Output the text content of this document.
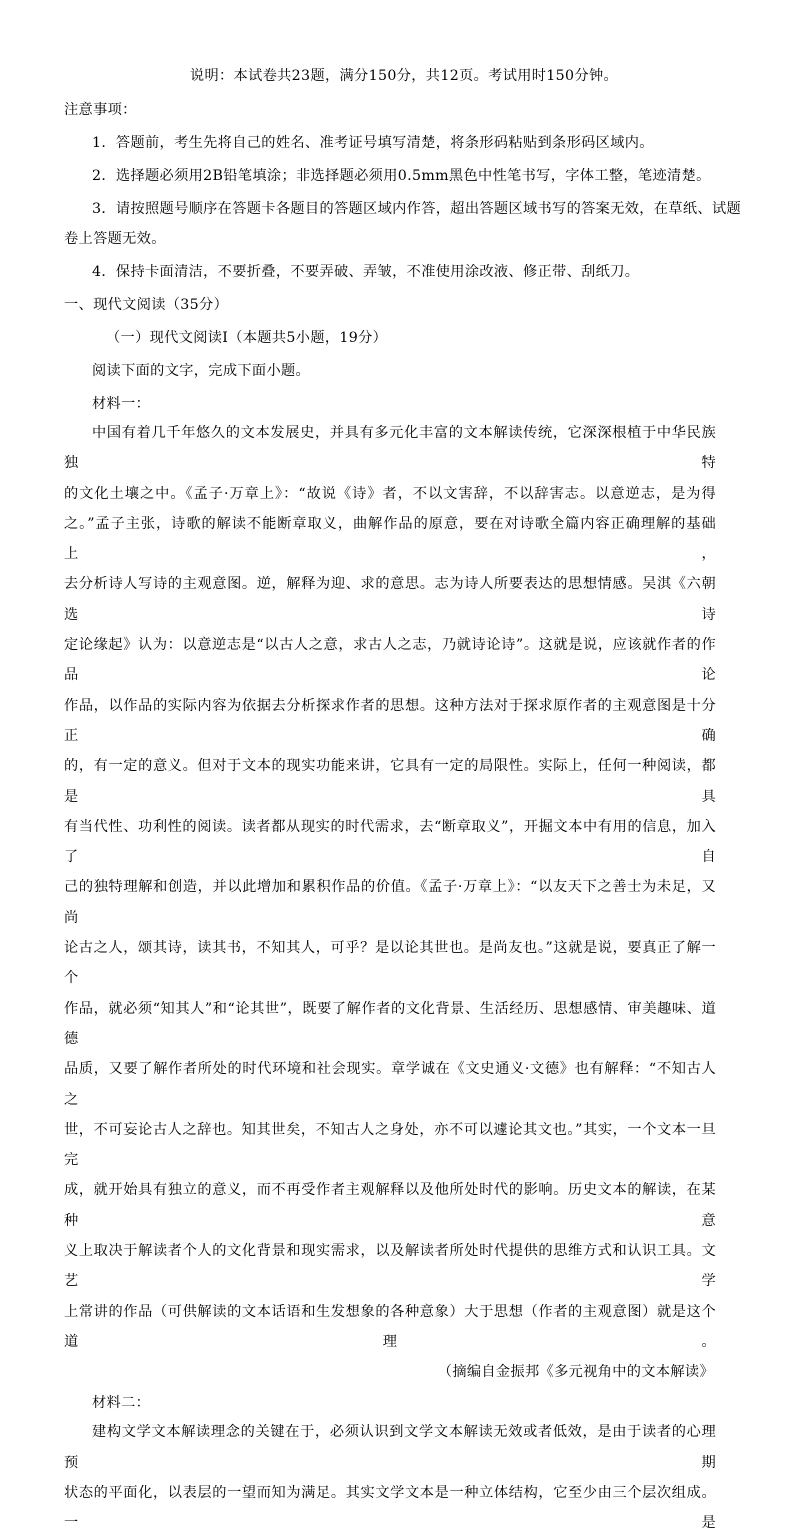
说明：本试卷共23题，满分150分，共12页。考试用时150分钟。

注意事项：

1．答题前，考生先将自己的姓名、准考证号填写清楚，将条形码粘贴到条形码区域内。

2．选择题必须用2B铅笔填涂；非选择题必须用0.5mm黑色中性笔书写，字体工整，笔迹清楚。

3．请按照题号顺序在答题卡各题目的答题区域内作答，超出答题区域书写的答案无效，在草纸、试题

卷上答题无效。

4．保持卡面清洁，不要折叠，不要弄破、弄皱，不准使用涂改液、修正带、刮纸刀。

一、现代文阅读（35分）

（一）现代文阅读Ⅰ（本题共5小题，19分）

阅读下面的文字，完成下面小题。

材料一：

中国有着几千年悠久的文本发展史，并具有多元化丰富的文本解读传统，它深深根植于中华民族独特
的文化土壤之中。《孟子·万章上》：“故说《诗》者，不以文害辞，不以辞害志。以意逆志，是为得
之。”孟子主张，诗歌的解读不能断章取义，曲解作品的原意，要在对诗歌全篇内容正确理解的基础上，
去分析诗人写诗的主观意图。逆，解释为迎、求的意思。志为诗人所要表达的思想情感。吴淇《六朝选诗
定论缘起》认为：以意逆志是“以古人之意，求古人之志，乃就诗论诗”。这就是说，应该就作者的作品论
作品，以作品的实际内容为依据去分析探求作者的思想。这种方法对于探求原作者的主观意图是十分正确
的，有一定的意义。但对于文本的现实功能来讲，它具有一定的局限性。实际上，任何一种阅读，都是具
有当代性、功利性的阅读。读者都从现实的时代需求，去“断章取义”，开掘文本中有用的信息，加入了自
己的独特理解和创造，并以此增加和累积作品的价值。《孟子·万章上》：“以友天下之善士为未足，又尚
论古之人，颂其诗，读其书，不知其人，可乎？是以论其世也。是尚友也。”这就是说，要真正了解一个
作品，就必须“知其人”和“论其世”，既要了解作者的文化背景、生活经历、思想感情、审美趣味、道德
品质，又要了解作者所处的时代环境和社会现实。章学诚在《文史通义·文德》也有解释：“不知古人之
世，不可妄论古人之辞也。知其世矣，不知古人之身处，亦不可以遽论其文也。”其实，一个文本一旦完
成，就开始具有独立的意义，而不再受作者主观解释以及他所处时代的影响。历史文本的解读，在某种意
义上取决于解读者个人的文化背景和现实需求，以及解读者所处时代提供的思维方式和认识工具。文艺学
上常讲的作品（可供解读的文本话语和生发想象的各种意象）大于思想（作者的主观意图）就是这个道理。

（摘编自金振邦《多元视角中的文本解读》

材料二：

建构文学文本解读理念的关键在于，必须认识到文学文本解读无效或者低效，是由于读者的心理预期
状态的平面化，以表层的一望而知为满足。其实文学文本是一种立体结构，它至少由三个层次组成。一是
